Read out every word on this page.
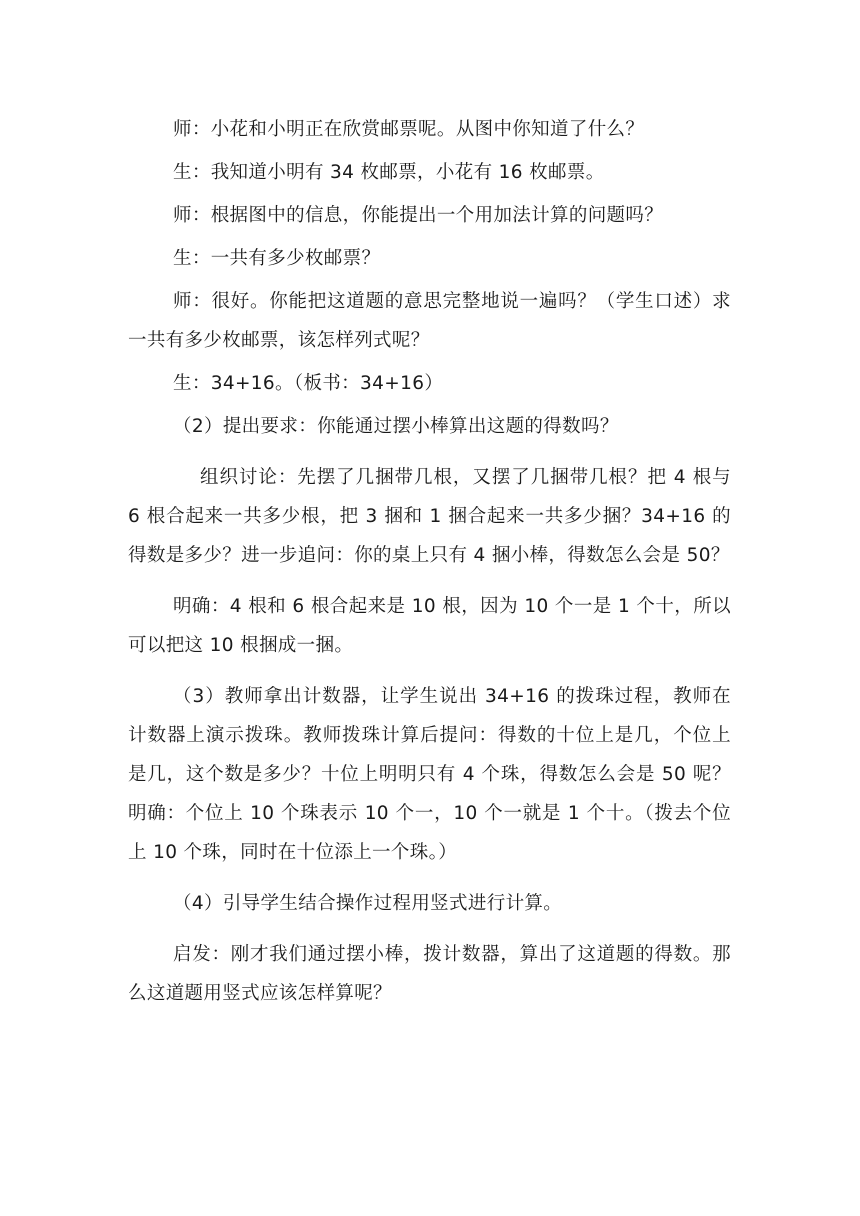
师：小花和小明正在欣赏邮票呢。从图中你知道了什么？

生：我知道小明有 34 枚邮票，小花有 16 枚邮票。

师：根据图中的信息，你能提出一个用加法计算的问题吗？

生：一共有多少枚邮票？

师：很好。你能把这道题的意思完整地说一遍吗？（学生口述）求一共有多少枚邮票，该怎样列式呢？

生：34+16。（板书：34+16）

（2）提出要求：你能通过摆小棒算出这题的得数吗？

组织讨论：先摆了几捆带几根，又摆了几捆带几根？把 4 根与 6 根合起来一共多少根，把 3 捆和 1 捆合起来一共多少捆？34+16 的得数是多少？进一步追问：你的桌上只有 4 捆小棒，得数怎么会是 50？

明确：4 根和 6 根合起来是 10 根，因为 10 个一是 1 个十，所以可以把这 10 根捆成一捆。

（3）教师拿出计数器，让学生说出 34+16 的拨珠过程，教师在计数器上演示拨珠。教师拨珠计算后提问：得数的十位上是几，个位上是几，这个数是多少？十位上明明只有 4 个珠，得数怎么会是 50 呢？明确：个位上 10 个珠表示 10 个一，10 个一就是 1 个十。（拨去个位上 10 个珠，同时在十位添上一个珠。）

（4）引导学生结合操作过程用竖式进行计算。

启发：刚才我们通过摆小棒，拨计数器，算出了这道题的得数。那么这道题用竖式应该怎样算呢？
